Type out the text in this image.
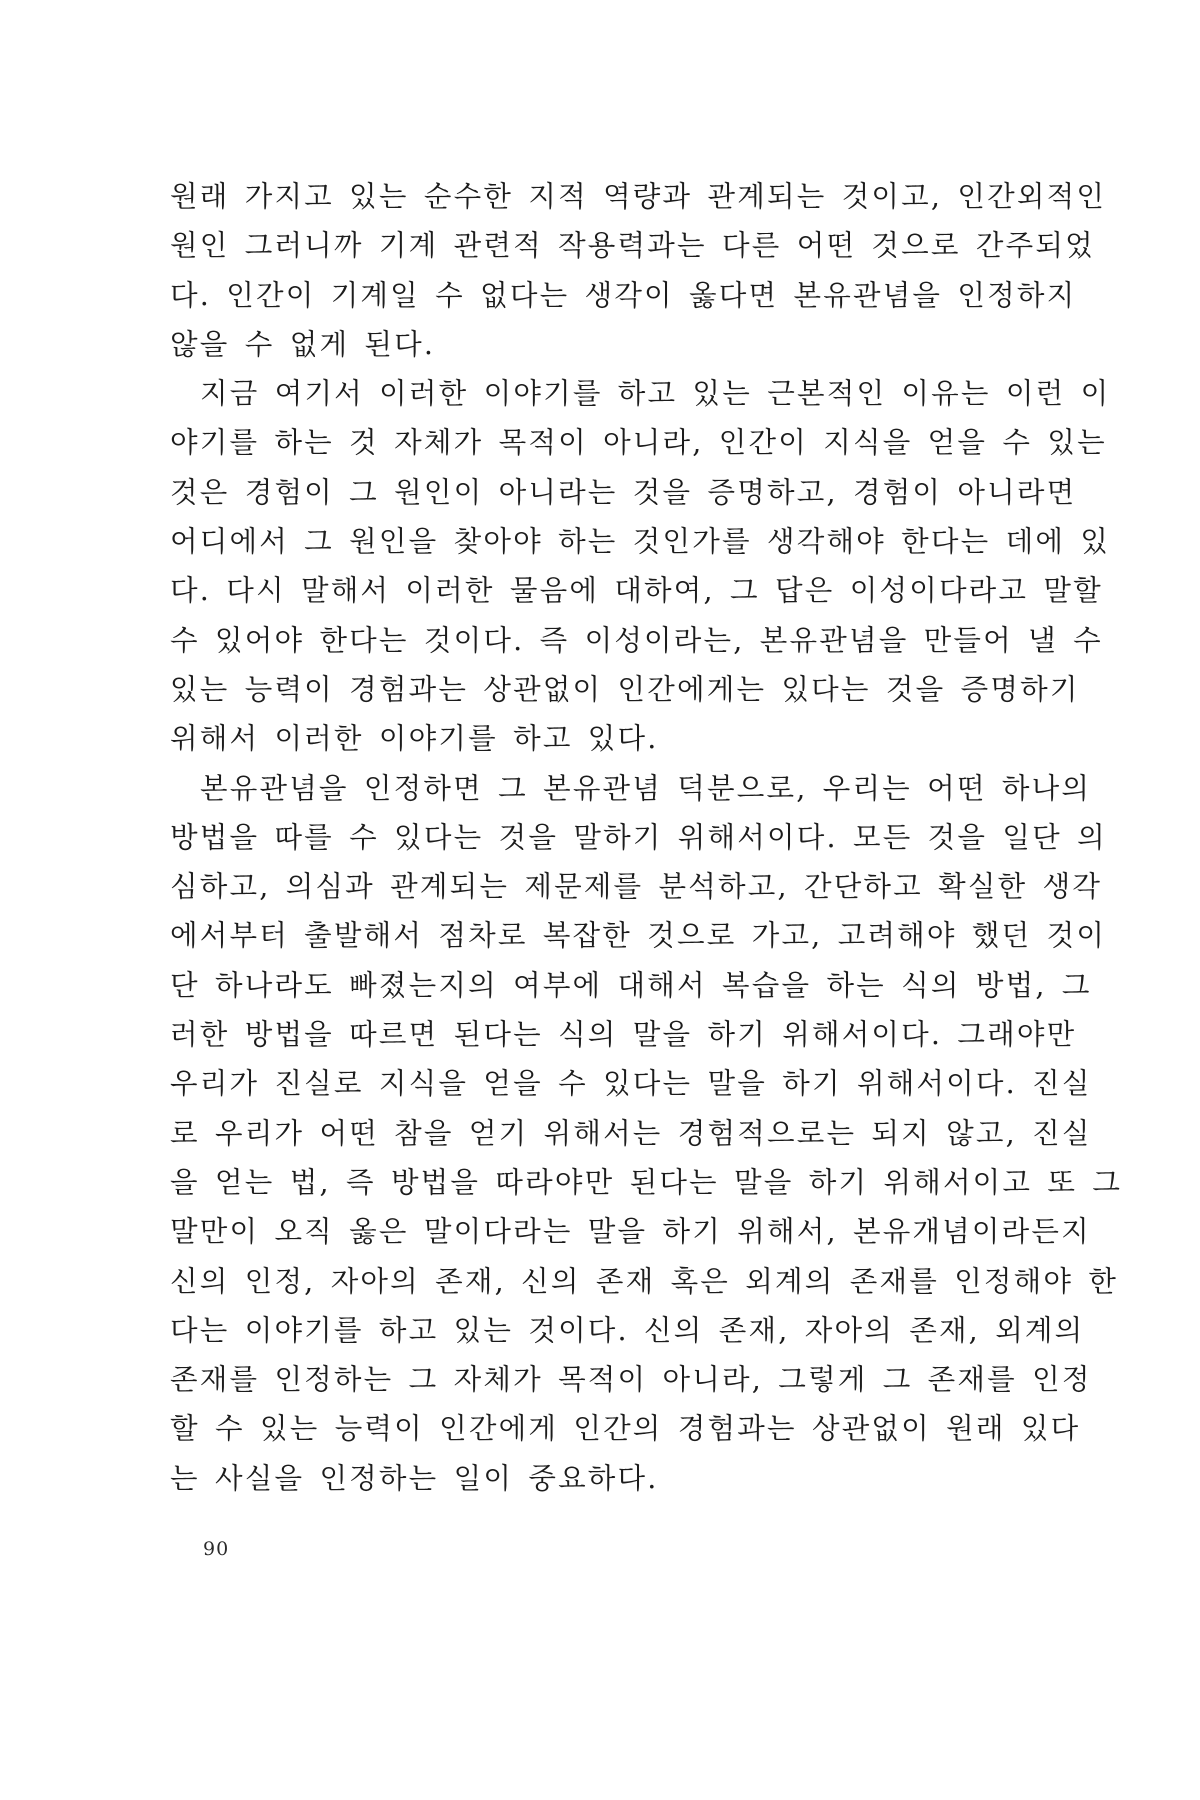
원래 가지고 있는 순수한 지적 역량과 관계되는 것이고, 인간외적인
원인 그러니까 기계 관련적 작용력과는 다른 어떤 것으로 간주되었
다. 인간이 기계일 수 없다는 생각이 옳다면 본유관념을 인정하지
않을 수 없게 된다.

지금 여기서 이러한 이야기를 하고 있는 근본적인 이유는 이런 이
야기를 하는 것 자체가 목적이 아니라, 인간이 지식을 얻을 수 있는
것은 경험이 그 원인이 아니라는 것을 증명하고, 경험이 아니라면
어디에서 그 원인을 찾아야 하는 것인가를 생각해야 한다는 데에 있
다. 다시 말해서 이러한 물음에 대하여, 그 답은 이성이다라고 말할
수 있어야 한다는 것이다. 즉 이성이라는, 본유관념을 만들어 낼 수
있는 능력이 경험과는 상관없이 인간에게는 있다는 것을 증명하기
위해서 이러한 이야기를 하고 있다.

본유관념을 인정하면 그 본유관념 덕분으로, 우리는 어떤 하나의
방법을 따를 수 있다는 것을 말하기 위해서이다. 모든 것을 일단 의
심하고, 의심과 관계되는 제문제를 분석하고, 간단하고 확실한 생각
에서부터 출발해서 점차로 복잡한 것으로 가고, 고려해야 했던 것이
단 하나라도 빠졌는지의 여부에 대해서 복습을 하는 식의 방법, 그
러한 방법을 따르면 된다는 식의 말을 하기 위해서이다. 그래야만
우리가 진실로 지식을 얻을 수 있다는 말을 하기 위해서이다. 진실
로 우리가 어떤 참을 얻기 위해서는 경험적으로는 되지 않고, 진실
을 얻는 법, 즉 방법을 따라야만 된다는 말을 하기 위해서이고 또 그
말만이 오직 옳은 말이다라는 말을 하기 위해서, 본유개념이라든지
신의 인정, 자아의 존재, 신의 존재 혹은 외계의 존재를 인정해야 한
다는 이야기를 하고 있는 것이다. 신의 존재, 자아의 존재, 외계의
존재를 인정하는 그 자체가 목적이 아니라, 그렇게 그 존재를 인정
할 수 있는 능력이 인간에게 인간의 경험과는 상관없이 원래 있다
는 사실을 인정하는 일이 중요하다.

90
